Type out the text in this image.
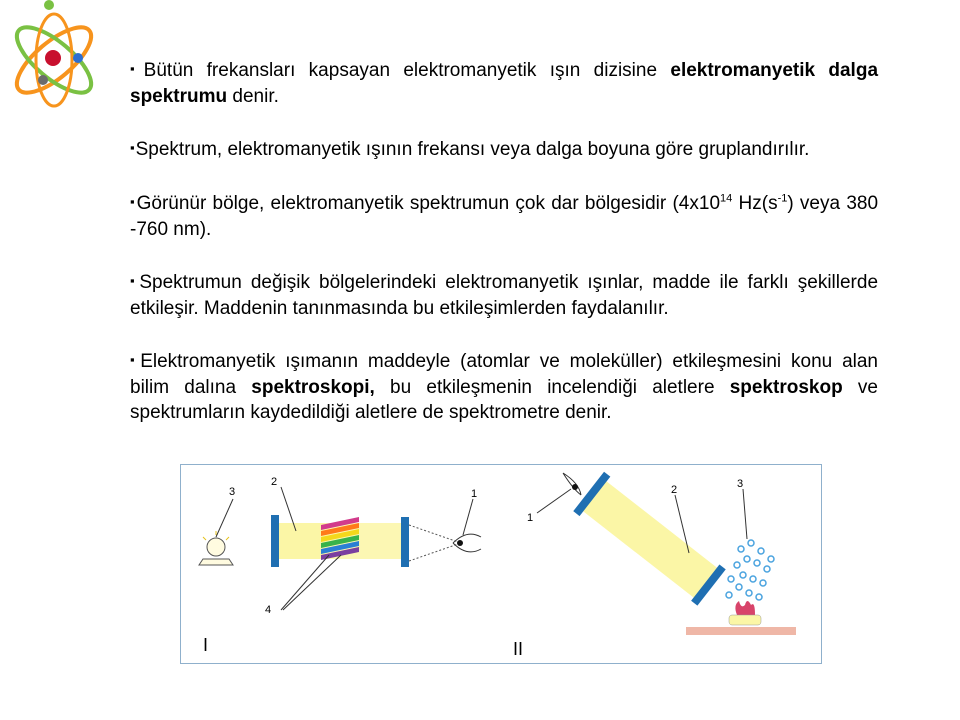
▪Bütün frekansları kapsayan elektromanyetik ışın dizisine elektromanyetik dalga spektrumu denir.

▪Spektrum, elektromanyetik ışının frekansı veya dalga boyuna göre gruplandırılır.

▪Görünür bölge, elektromanyetik spektrumun çok dar bölgesidir ($4x10^{14}$ $Hz(s^{-1})$ veya 380 -760 nm).

▪Spektrumun değişik bölgelerindeki elektromanyetik ışınlar, madde ile farklı şekillerde etkileşir. Maddenin tanınmasında bu etkileşimlerden faydalanılır.

▪Elektromanyetik ışımanın maddeyle (atomlar ve moleküller) etkileşmesini konu alan bilim dalına spektroskopi, bu etkileşmenin incelendiği aletlere spektroskop ve spektrumların kaydedildiği aletlere de spektrometre denir.

3
2
4
1
I
1
2	3
II
